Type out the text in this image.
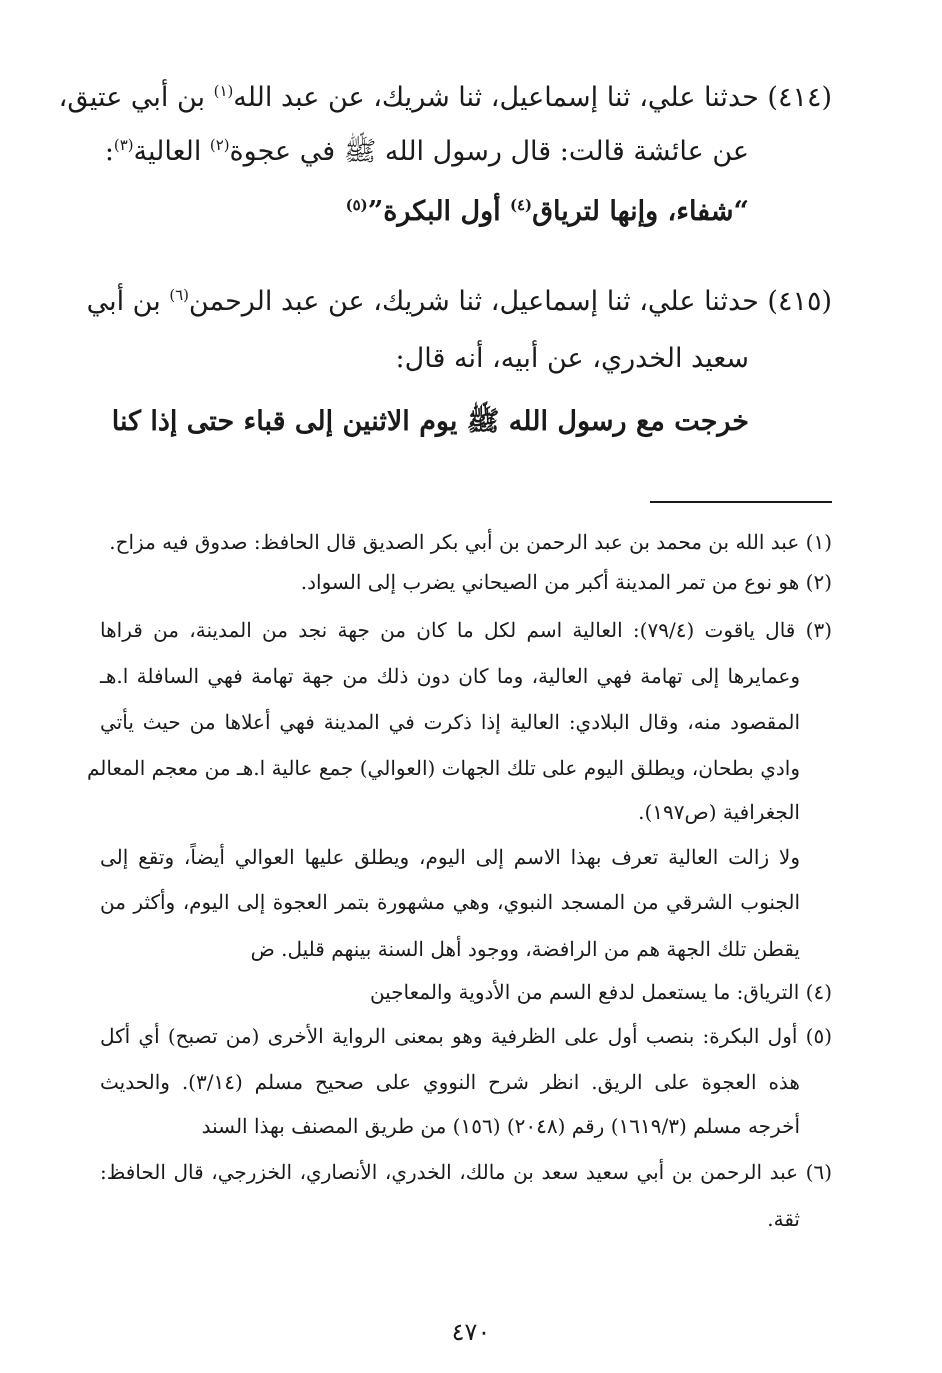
(٤١٤) حدثنا علي، ثنا إسماعيل، ثنا شريك، عن عبد الله$^{(١)}$ بن أبي عتيق،
عن عائشة قالت: قال رسول الله ﷺ في عجوة$^{(٢)}$ العالية$^{(٣)}$:
“شفاء، وإنها لترياق$^{(٤)}$ أول البكرة”$^{(٥)}$
(٤١٥) حدثنا علي، ثنا إسماعيل، ثنا شريك، عن عبد الرحمن$^{(٦)}$ بن أبي
سعيد الخدري، عن أبيه، أنه قال:
خرجت مع رسول الله ﷺ يوم الاثنين إلى قباء حتى إذا كنا
(١) عبد الله بن محمد بن عبد الرحمن بن أبي بكر الصديق قال الحافظ: صدوق فيه مزاح.
(٢) هو نوع من تمر المدينة أكبر من الصيحاني يضرب إلى السواد.
(٣) قال ياقوت (٧٩/٤): العالية اسم لكل ما كان من جهة نجد من المدينة، من قراها
وعمايرها إلى تهامة فهي العالية، وما كان دون ذلك من جهة تهامة فهي السافلة ا.هـ
المقصود منه، وقال البلادي: العالية إذا ذكرت في المدينة فهي أعلاها من حيث يأتي
وادي بطحان، ويطلق اليوم على تلك الجهات (العوالي) جمع عالية ا.هـ من معجم المعالم
الجغرافية (ص١٩٧).
ولا زالت العالية تعرف بهذا الاسم إلى اليوم، ويطلق عليها العوالي أيضاً، وتقع إلى
الجنوب الشرقي من المسجد النبوي، وهي مشهورة بتمر العجوة إلى اليوم، وأكثر من
يقطن تلك الجهة هم من الرافضة، ووجود أهل السنة بينهم قليل. ض
(٤) الترياق: ما يستعمل لدفع السم من الأدوية والمعاجين
(٥) أول البكرة: بنصب أول على الظرفية وهو بمعنى الرواية الأخرى (من تصبح) أي أكل
هذه العجوة على الريق. انظر شرح النووي على صحيح مسلم (٣/١٤). والحديث
أخرجه مسلم (١٦١٩/٣) رقم (٢٠٤٨) (١٥٦) من طريق المصنف بهذا السند
(٦) عبد الرحمن بن أبي سعيد سعد بن مالك، الخدري، الأنصاري، الخزرجي، قال الحافظ:
ثقة.
٤٧٠
